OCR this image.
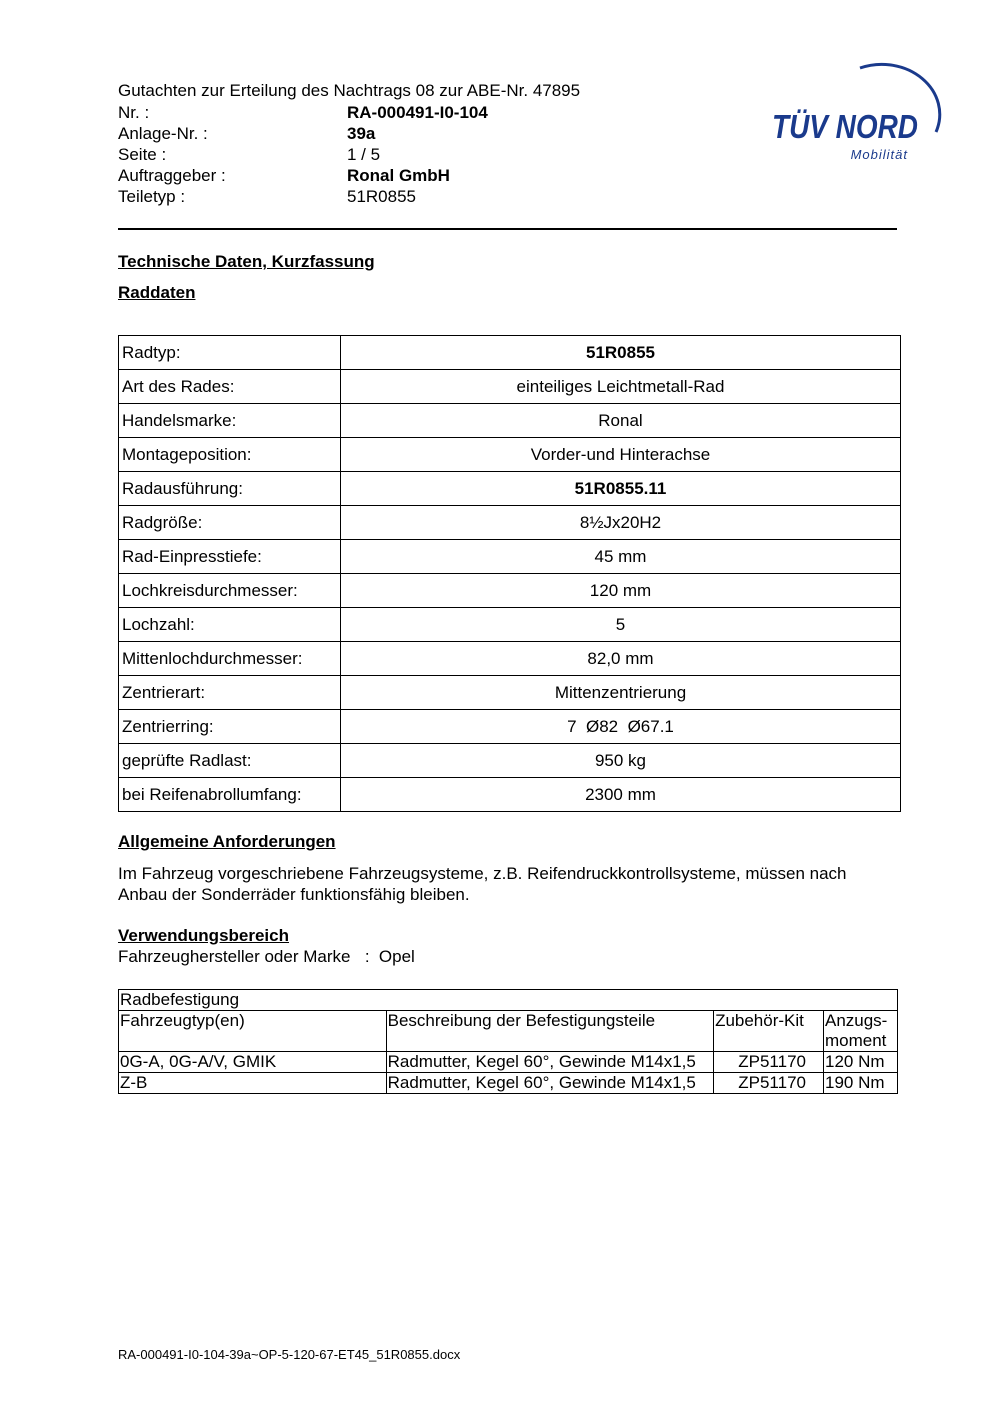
Gutachten zur Erteilung des Nachtrags 08 zur ABE-Nr. 47895
Nr. :	RA-000491-I0-104
Anlage-Nr. :	39a
Seite :	1 / 5
Auftraggeber :	Ronal GmbH
Teiletyp :	51R0855
TÜV NORD
Mobilität
Technische Daten, Kurzfassung
Raddaten
Radtyp:	51R0855
Art des Rades:	einteiliges Leichtmetall-Rad
Handelsmarke:	Ronal
Montageposition:	Vorder-und Hinterachse
Radausführung:	51R0855.11
Radgröße:	8½Jx20H2
Rad-Einpresstiefe:	45 mm
Lochkreisdurchmesser:	120 mm
Lochzahl:	5
Mittenlochdurchmesser:	82,0 mm
Zentrierart:	Mittenzentrierung
Zentrierring:	7  Ø82  Ø67.1
geprüfte Radlast:	950 kg
bei Reifenabrollumfang:	2300 mm
Allgemeine Anforderungen
Im Fahrzeug vorgeschriebene Fahrzeugsysteme, z.B. Reifendruckkontrollsysteme, müssen nach Anbau der Sonderräder funktionsfähig bleiben.
Verwendungsbereich
Fahrzeughersteller oder Marke : Opel
Radbefestigung			
Fahrzeugtyp(en)	Beschreibung der Befestigungsteile	Zubehör-Kit	Anzugs-
moment
0G-A, 0G-A/V, GMIK	Radmutter, Kegel 60°, Gewinde M14x1,5	ZP51170	120 Nm
Z-B	Radmutter, Kegel 60°, Gewinde M14x1,5	ZP51170	190 Nm
RA-000491-I0-104-39a~OP-5-120-67-ET45_51R0855.docx
